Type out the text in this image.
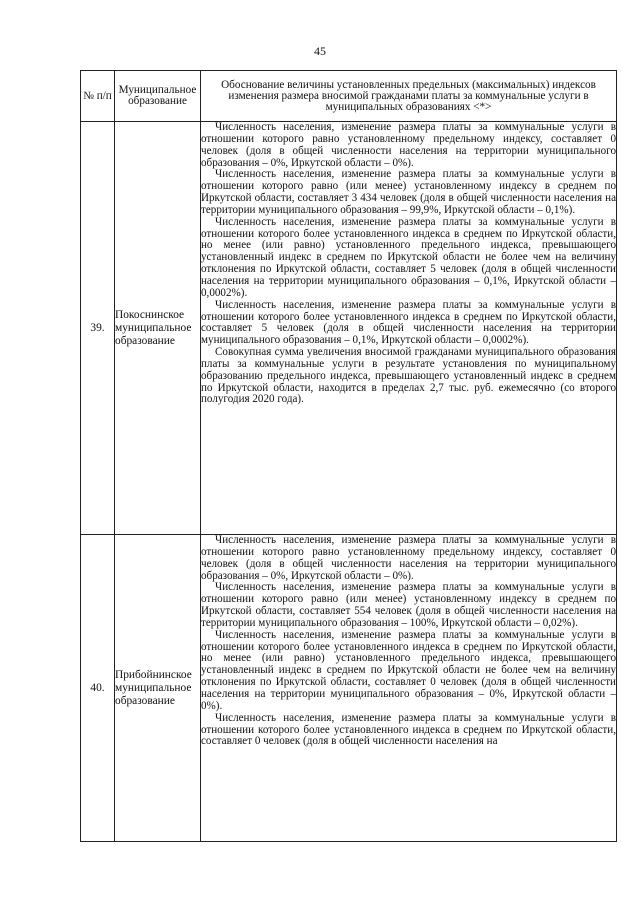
45
№ п/п	Муниципальное образование	Обоснование величины установленных предельных (максимальных) индексов изменения размера вносимой гражданами платы за коммунальные услуги в муниципальных образованиях <*>
39.	Покоснинское муниципальное образование	Численность населения, изменение размера платы за коммунальные услуги в отношении которого равно установленному предельному индексу, составляет 0 человек (доля в общей численности населения на территории муниципального образования – 0%, Иркутской области – 0%).

Численность населения, изменение размера платы за коммунальные услуги в отношении которого равно (или менее) установленному индексу в среднем по Иркутской области, составляет 3 434 человек (доля в общей численности населения на территории муниципального образования – 99,9%, Иркутской области – 0,1%).

Численность населения, изменение размера платы за коммунальные услуги в отношении которого более установленного индекса в среднем по Иркутской области, но менее (или равно) установленного предельного индекса, превышающего установленный индекс в среднем по Иркутской области не более чем на величину отклонения по Иркутской области, составляет 5 человек (доля в общей численности населения на территории муниципального образования – 0,1%, Иркутской области – 0,0002%).

Численность населения, изменение размера платы за коммунальные услуги в отношении которого более установленного индекса в среднем по Иркутской области, составляет 5 человек (доля в общей численности населения на территории муниципального образования – 0,1%, Иркутской области – 0,0002%).

Совокупная сумма увеличения вносимой гражданами муниципального образования платы за коммунальные услуги в результате установления по муниципальному образованию предельного индекса, превышающего установленный индекс в среднем по Иркутской области, находится в пределах 2,7 тыс. руб. ежемесячно (со второго полугодия 2020 года).

40.	Прибойнинское муниципальное образование	Численность населения, изменение размера платы за коммунальные услуги в отношении которого равно установленному предельному индексу, составляет 0 человек (доля в общей численности населения на территории муниципального образования – 0%, Иркутской области – 0%).

Численность населения, изменение размера платы за коммунальные услуги в отношении которого равно (или менее) установленному индексу в среднем по Иркутской области, составляет 554 человек (доля в общей численности населения на территории муниципального образования – 100%, Иркутской области – 0,02%).

Численность населения, изменение размера платы за коммунальные услуги в отношении которого более установленного индекса в среднем по Иркутской области, но менее (или равно) установленного предельного индекса, превышающего установленный индекс в среднем по Иркутской области не более чем на величину отклонения по Иркутской области, составляет 0 человек (доля в общей численности населения на территории муниципального образования – 0%, Иркутской области – 0%).

Численность населения, изменение размера платы за коммунальные услуги в отношении которого более установленного индекса в среднем по Иркутской области, составляет 0 человек (доля в общей численности населения на
